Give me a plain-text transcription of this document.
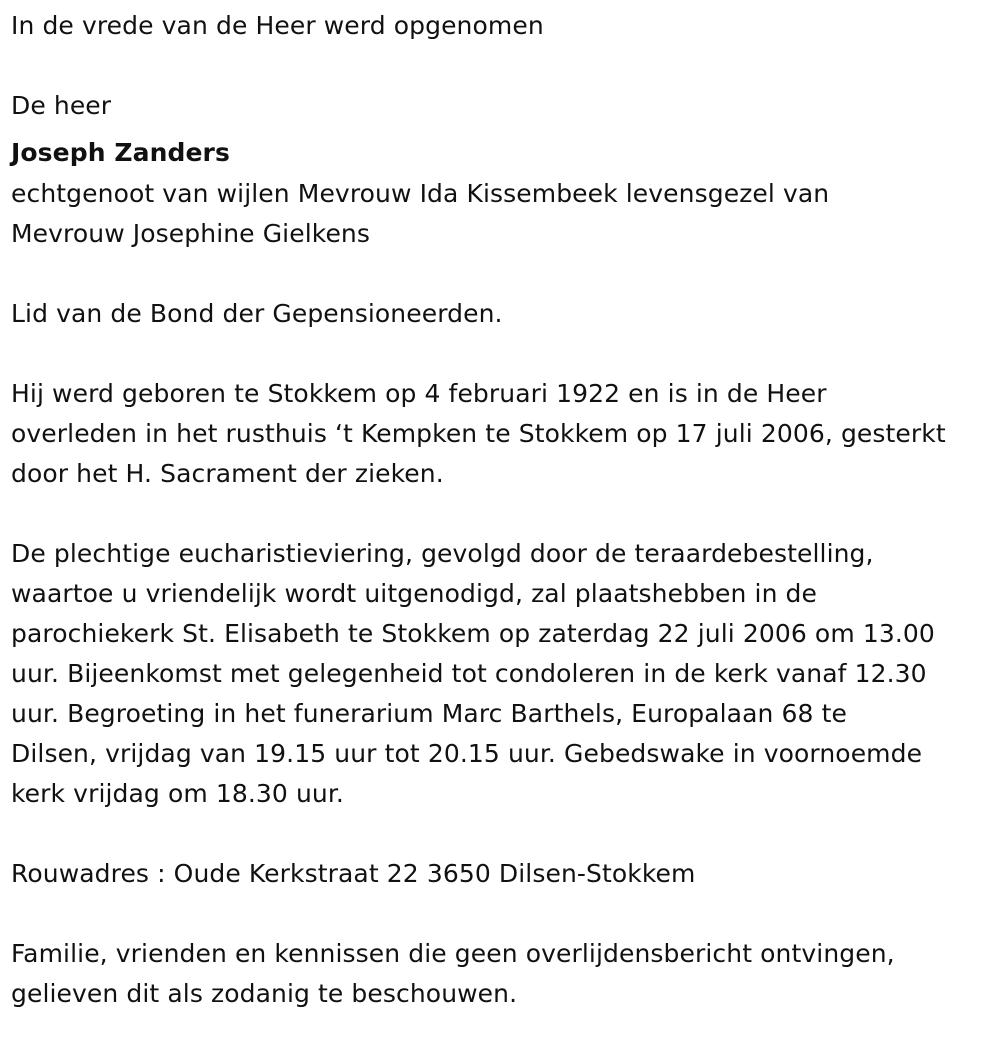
In de vrede van de Heer werd opgenomen

De heer

Joseph Zanders

echtgenoot van wijlen Mevrouw Ida Kissembeek levensgezel van

Mevrouw Josephine Gielkens

Lid van de Bond der Gepensioneerden.

Hij werd geboren te Stokkem op 4 februari 1922 en is in de Heer

overleden in het rusthuis ‘t Kempken te Stokkem op 17 juli 2006, gesterkt

door het H. Sacrament der zieken.

De plechtige eucharistieviering, gevolgd door de teraardebestelling,

waartoe u vriendelijk wordt uitgenodigd, zal plaatshebben in de

parochiekerk St. Elisabeth te Stokkem op zaterdag 22 juli 2006 om 13.00

uur. Bijeenkomst met gelegenheid tot condoleren in de kerk vanaf 12.30

uur. Begroeting in het funerarium Marc Barthels, Europalaan 68 te

Dilsen, vrijdag van 19.15 uur tot 20.15 uur. Gebedswake in voornoemde

kerk vrijdag om 18.30 uur.

Rouwadres : Oude Kerkstraat 22 3650 Dilsen-Stokkem

Familie, vrienden en kennissen die geen overlijdensbericht ontvingen,

gelieven dit als zodanig te beschouwen.
